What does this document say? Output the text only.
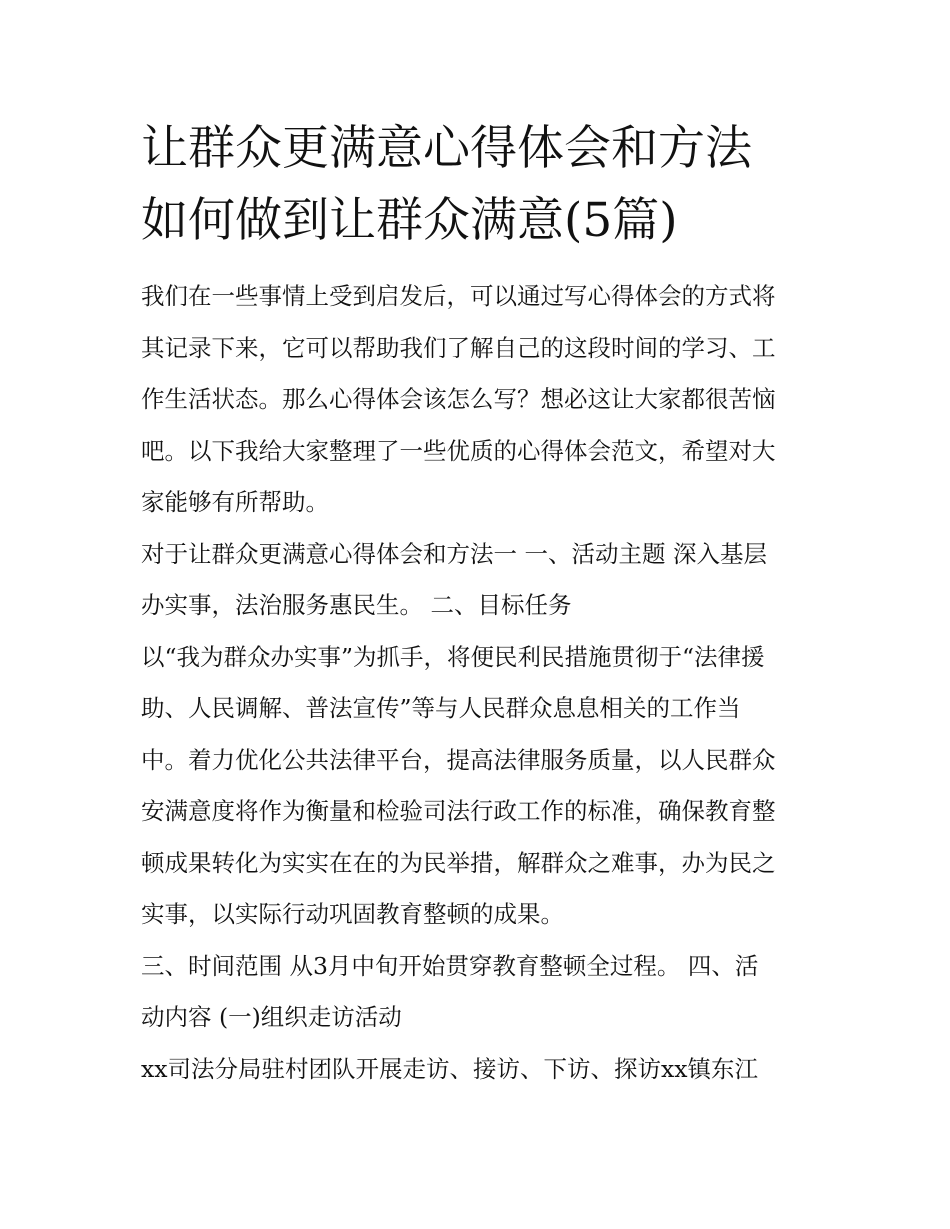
让群众更满意心得体会和方法
如何做到让群众满意(5篇)

我们在一些事情上受到启发后，可以通过写心得体会的方式将
其记录下来，它可以帮助我们了解自己的这段时间的学习、工
作生活状态。那么心得体会该怎么写？想必这让大家都很苦恼
吧。以下我给大家整理了一些优质的心得体会范文，希望对大
家能够有所帮助。

对于让群众更满意心得体会和方法一 一、活动主题 深入基层
办实事，法治服务惠民生。 二、目标任务

以“我为群众办实事”为抓手，将便民利民措施贯彻于“法律援
助、人民调解、普法宣传”等与人民群众息息相关的工作当
中。着力优化公共法律平台，提高法律服务质量，以人民群众
安满意度将作为衡量和检验司法行政工作的标准，确保教育整
顿成果转化为实实在在的为民举措，解群众之难事，办为民之
实事，以实际行动巩固教育整顿的成果。

三、时间范围 从3月中旬开始贯穿教育整顿全过程。 四、活
动内容 (一)组织走访活动

xx司法分局驻村团队开展走访、接访、下访、探访xx镇东江
